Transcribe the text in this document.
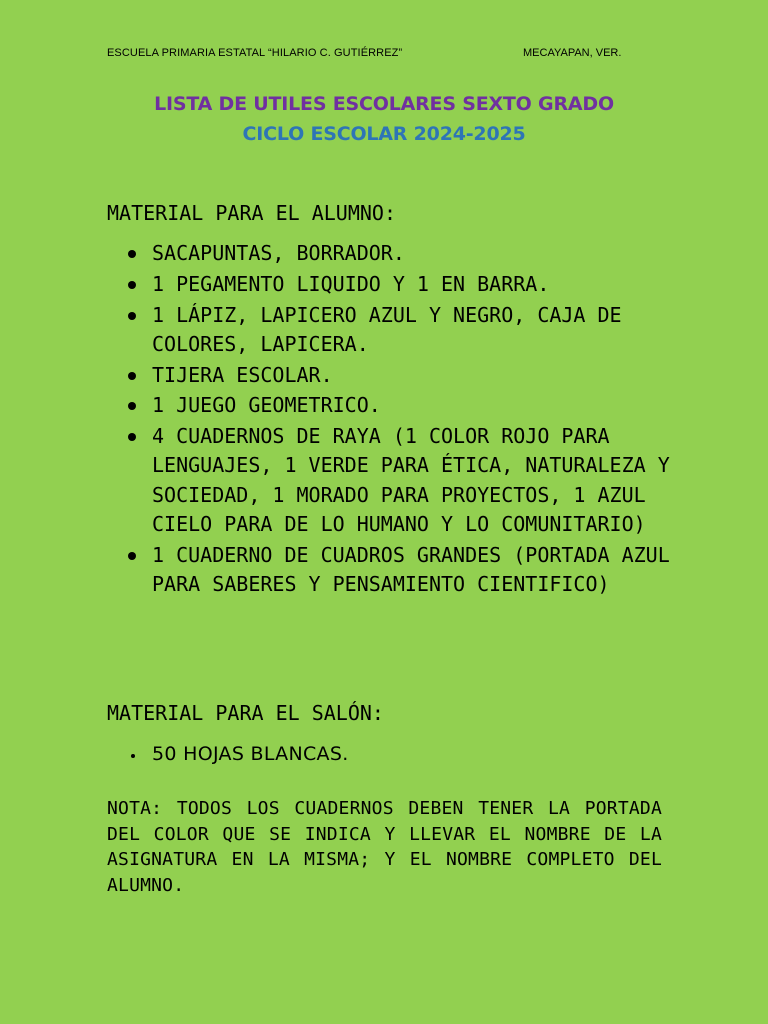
ESCUELA PRIMARIA ESTATAL “HILARIO C. GUTIÉRREZ”	MECAYAPAN, VER.
LISTA DE UTILES ESCOLARES SEXTO GRADO
CICLO ESCOLAR 2024-2025
MATERIAL PARA EL ALUMNO:
SACAPUNTAS, BORRADOR.
1 PEGAMENTO LIQUIDO Y 1 EN BARRA.
1 LÁPIZ, LAPICERO AZUL Y NEGRO, CAJA DE COLORES, LAPICERA.
TIJERA ESCOLAR.
1 JUEGO GEOMETRICO.
4 CUADERNOS DE RAYA (1 COLOR ROJO PARA LENGUAJES, 1 VERDE PARA ÉTICA, NATURALEZA Y SOCIEDAD, 1 MORADO PARA PROYECTOS, 1 AZUL CIELO PARA DE LO HUMANO Y LO COMUNITARIO)
1 CUADERNO DE CUADROS GRANDES (PORTADA AZUL PARA SABERES Y PENSAMIENTO CIENTIFICO)
MATERIAL PARA EL SALÓN:
50 HOJAS BLANCAS.
NOTA: TODOS LOS CUADERNOS DEBEN TENER LA PORTADA DEL COLOR QUE SE INDICA Y LLEVAR EL NOMBRE DE LA ASIGNATURA EN LA MISMA; Y EL NOMBRE COMPLETO DEL ALUMNO.
